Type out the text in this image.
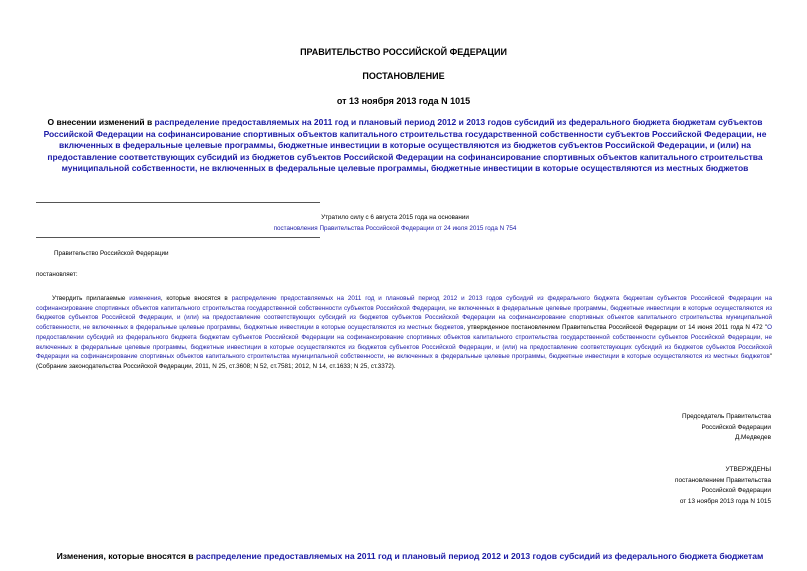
ПРАВИТЕЛЬСТВО РОССИЙСКОЙ ФЕДЕРАЦИИ
ПОСТАНОВЛЕНИЕ
от 13 ноября 2013 года N 1015
О внесении изменений в распределение предоставляемых на 2011 год и плановый период 2012 и 2013 годов субсидий из федерального бюджета бюджетам субъектов Российской Федерации на софинансирование спортивных объектов капитального строительства государственной собственности субъектов Российской Федерации, не включенных в федеральные целевые программы, бюджетные инвестиции в которые осуществляются из бюджетов субъектов Российской Федерации, и (или) на предоставление соответствующих субсидий из бюджетов субъектов Российской Федерации на софинансирование спортивных объектов капитального строительства муниципальной собственности, не включенных в федеральные целевые программы, бюджетные инвестиции в которые осуществляются из местных бюджетов
Утратило силу с 6 августа 2015 года на основании
постановления Правительства Российской Федерации от 24 июля 2015 года N 754
Правительство Российской Федерации
постановляет:
Утвердить прилагаемые изменения, которые вносятся в распределение предоставляемых на 2011 год и плановый период 2012 и 2013 годов субсидий из федерального бюджета бюджетам субъектов Российской Федерации на софинансирование спортивных объектов капитального строительства государственной собственности субъектов Российской Федерации, не включенных в федеральные целевые программы, бюджетные инвестиции в которые осуществляются из бюджетов субъектов Российской Федерации, и (или) на предоставление соответствующих субсидий из бюджетов субъектов Российской Федерации на софинансирование спортивных объектов капитального строительства муниципальной собственности, не включенных в федеральные целевые программы, бюджетные инвестиции в которые осуществляются из местных бюджетов, утвержденное постановлением Правительства Российской Федерации от 14 июня 2011 года N 472 "О предоставлении субсидий из федерального бюджета бюджетам субъектов Российской Федерации на софинансирование спортивных объектов капитального строительства государственной собственности субъектов Российской Федерации, не включенных в федеральные целевые программы, бюджетные инвестиции в которые осуществляются из бюджетов субъектов Российской Федерации, и (или) на предоставление соответствующих субсидий из бюджетов субъектов Российской Федерации на софинансирование спортивных объектов капитального строительства муниципальной собственности, не включенных в федеральные целевые программы, бюджетные инвестиции в которые осуществляются из местных бюджетов" (Собрание законодательства Российской Федерации, 2011, N 25, ст.3608; N 52, ст.7581; 2012, N 14, ст.1633; N 25, ст.3372).
Председатель Правительства
Российской Федерации
Д.Медведев
УТВЕРЖДЕНЫ
постановлением Правительства
Российской Федерации
от 13 ноября 2013 года N 1015
Изменения, которые вносятся в распределение предоставляемых на 2011 год и плановый период 2012 и 2013 годов субсидий из федерального бюджета бюджетам
